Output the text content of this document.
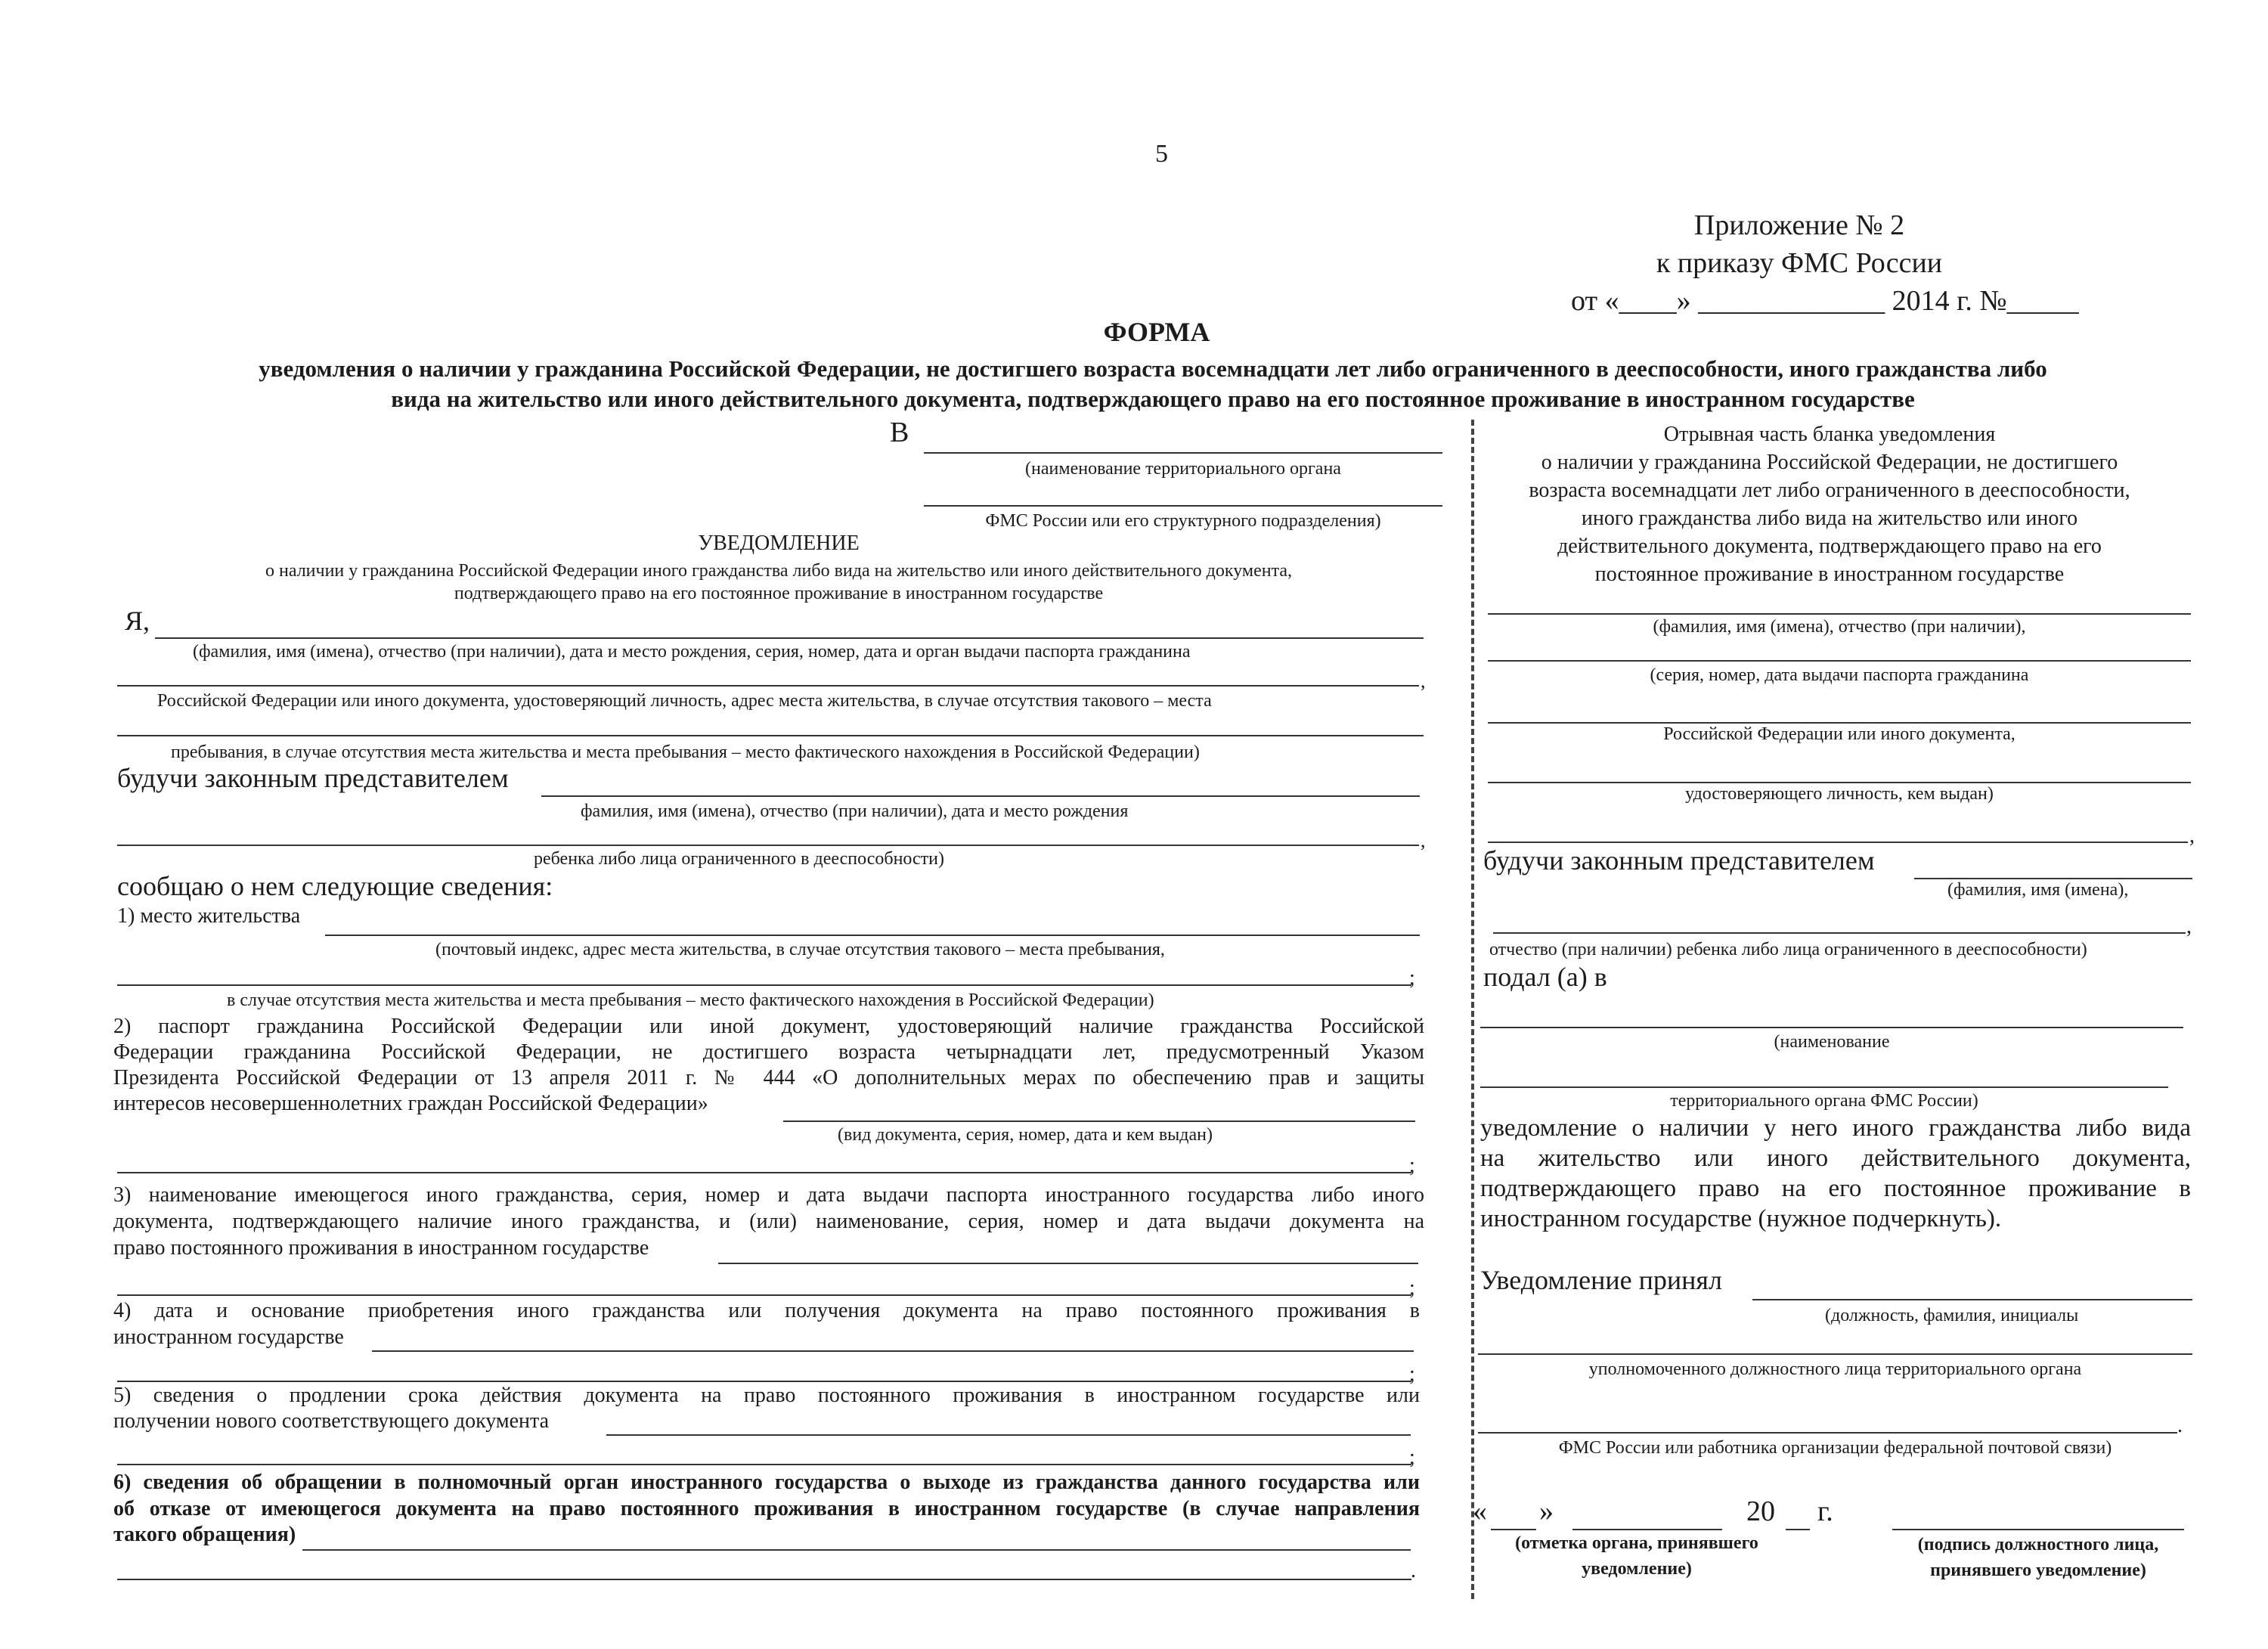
5
Приложение № 2
к приказу ФМС России
от «____» _____________ 2014 г. №_____
ФОРМА
уведомления о наличии у гражданина Российской Федерации, не достигшего возраста восемнадцати лет либо ограниченного в дееспособности, иного гражданства либо
вида на жительство или иного действительного документа, подтверждающего право на его постоянное проживание в иностранном государстве
В
(наименование территориального органа
ФМС России или его структурного подразделения)
УВЕДОМЛЕНИЕ
о наличии у гражданина Российской Федерации иного гражданства либо вида на жительство или иного действительного документа,
подтверждающего право на его постоянное проживание в иностранном государстве
Я,
(фамилия, имя (имена), отчество (при наличии), дата и место рождения, серия, номер, дата и орган выдачи паспорта гражданина
,
Российской Федерации или иного документа, удостоверяющий личность, адрес места жительства, в случае отсутствия такового – места
пребывания, в случае отсутствия места жительства и места пребывания – место фактического нахождения в Российской Федерации)
будучи законным представителем
фамилия, имя (имена), отчество (при наличии), дата и место рождения
,
ребенка либо лица ограниченного в дееспособности)
сообщаю о нем следующие сведения:
1) место жительства
(почтовый индекс, адрес места жительства, в случае отсутствия такового – места пребывания,
;
в случае отсутствия места жительства и места пребывания – место фактического нахождения в Российской Федерации)
2) паспорт гражданина Российской Федерации или иной документ, удостоверяющий наличие гражданства Российской
Федерации гражданина Российской Федерации, не достигшего возраста четырнадцати лет, предусмотренный Указом
Президента Российской Федерации от 13 апреля 2011 г. № 444 «О дополнительных мерах по обеспечению прав и защиты
интересов несовершеннолетних граждан Российской Федерации»
(вид документа, серия, номер, дата и кем выдан)
;
3) наименование имеющегося иного гражданства, серия, номер и дата выдачи паспорта иностранного государства либо иного
документа, подтверждающего наличие иного гражданства, и (или) наименование, серия, номер и дата выдачи документа на
право постоянного проживания в иностранном государстве
;
4) дата и основание приобретения иного гражданства или получения документа на право постоянного проживания в
иностранном государстве
;
5) сведения о продлении срока действия документа на право постоянного проживания в иностранном государстве или
получении нового соответствующего документа
;
6) сведения об обращении в полномочный орган иностранного государства о выходе из гражданства данного государства или
об отказе от имеющегося документа на право постоянного проживания в иностранном государстве (в случае направления
такого обращения)
.
Отрывная часть бланка уведомления
о наличии у гражданина Российской Федерации, не достигшего
возраста восемнадцати лет либо ограниченного в дееспособности,
иного гражданства либо вида на жительство или иного
действительного документа, подтверждающего право на его
постоянное проживание в иностранном государстве
(фамилия, имя (имена), отчество (при наличии),
(серия, номер, дата выдачи паспорта гражданина
Российской Федерации или иного документа,
удостоверяющего личность, кем выдан)
,
будучи законным представителем
(фамилия, имя (имена),
,
отчество (при наличии) ребенка либо лица ограниченного в дееспособности)
подал (а) в
(наименование
территориального органа ФМС России)
уведомление о наличии у него иного гражданства либо вида
на жительство или иного действительного документа,
подтверждающего право на его постоянное проживание в
иностранном государстве (нужное подчеркнуть).
Уведомление принял
(должность, фамилия, инициалы
уполномоченного должностного лица территориального органа
.
ФМС России или работника организации федеральной почтовой связи)
« »	20 г.
(отметка органа, принявшего
уведомление)
(подпись должностного лица,
принявшего уведомление)
